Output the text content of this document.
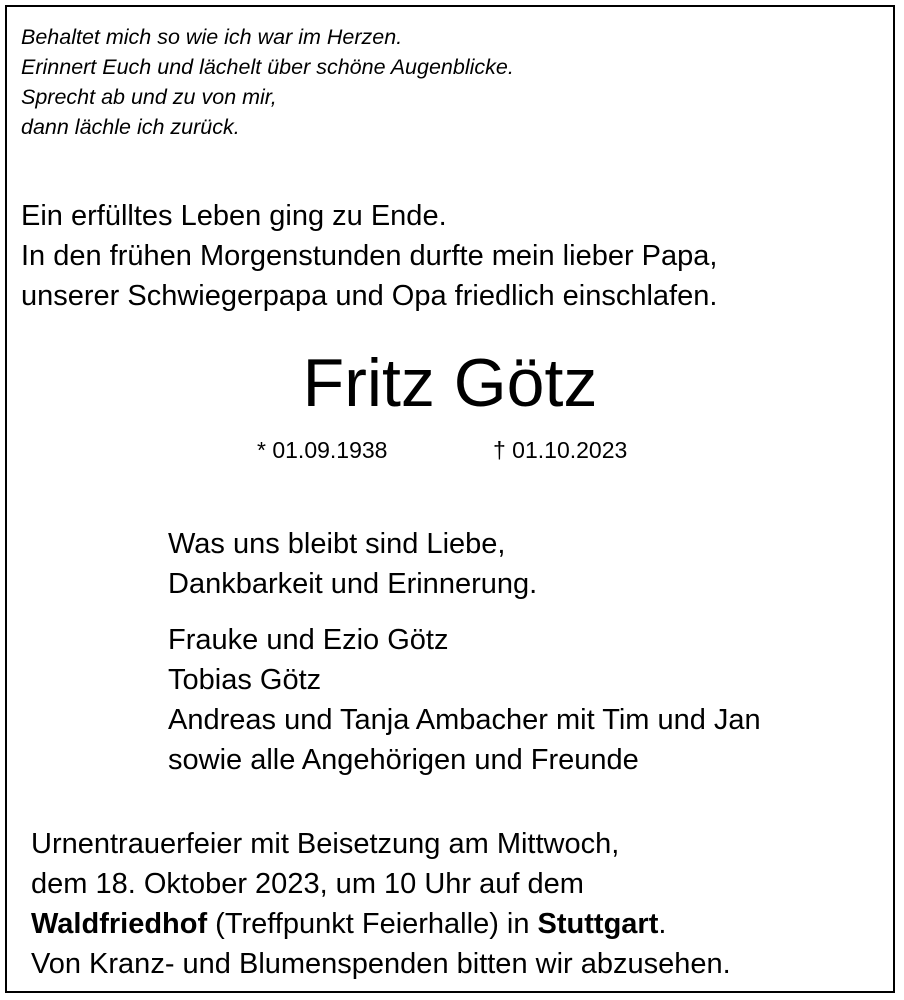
Behaltet mich so wie ich war im Herzen.
Erinnert Euch und lächelt über schöne Augenblicke.
Sprecht ab und zu von mir,
dann lächle ich zurück.
Ein erfülltes Leben ging zu Ende.
In den frühen Morgenstunden durfte mein lieber Papa,
unserer Schwiegerpapa und Opa friedlich einschlafen.
Fritz Götz
* 01.09.1938	† 01.10.2023
Was uns bleibt sind Liebe,
Dankbarkeit und Erinnerung.
Frauke und Ezio Götz
Tobias Götz
Andreas und Tanja Ambacher mit Tim und Jan
sowie alle Angehörigen und Freunde
Urnentrauerfeier mit Beisetzung am Mittwoch,
dem 18. Oktober 2023, um 10 Uhr auf dem
Waldfriedhof (Treffpunkt Feierhalle) in Stuttgart.
Von Kranz- und Blumenspenden bitten wir abzusehen.
